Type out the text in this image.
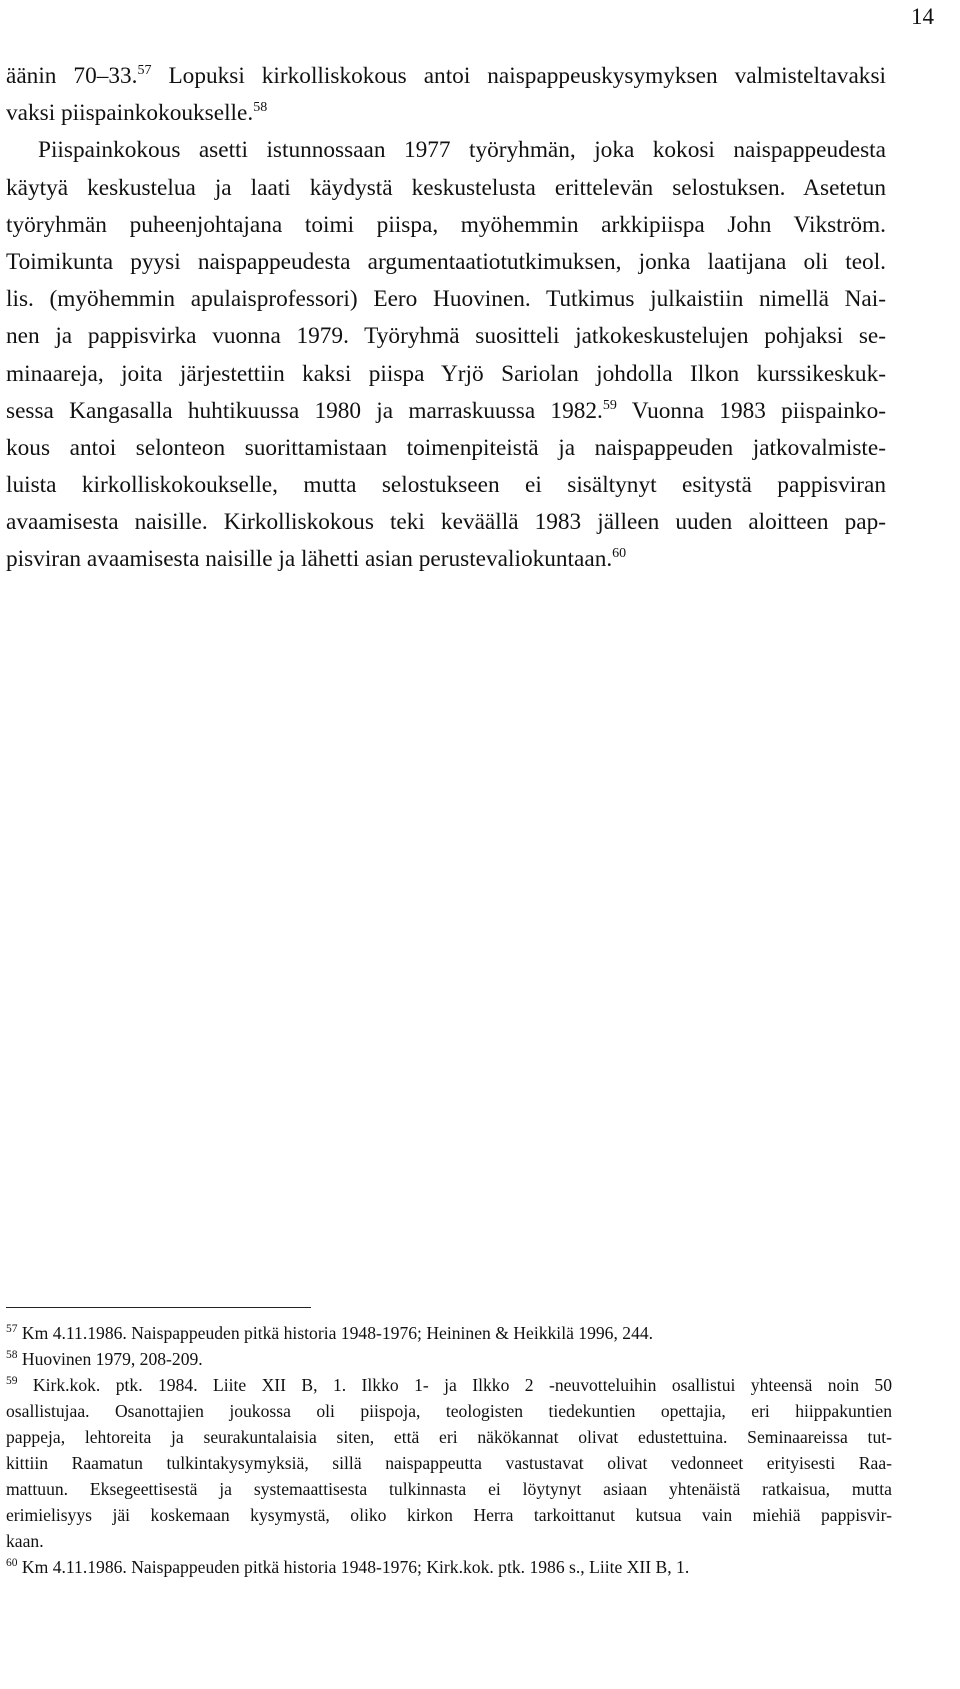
14
äänin 70–33.57 Lopuksi kirkolliskokous antoi naispappeuskysymyksen valmisteltavaksi
vaksi piispainkokoukselle.$^{58}$
Piispainkokous asetti istunnossaan 1977 työryhmän, joka kokosi naispappeudesta
käytyä keskustelua ja laati käydystä keskustelusta erittelevän selostuksen. Asetetun
työryhmän puheenjohtajana toimi piispa, myöhemmin arkkipiispa John Vikström.
Toimikunta pyysi naispappeudesta argumentaatiotutkimuksen, jonka laatijana oli teol.
lis. (myöhemmin apulaisprofessori) Eero Huovinen. Tutkimus julkaistiin nimellä Nai-
nen ja pappisvirka vuonna 1979. Työryhmä suositteli jatkokeskustelujen pohjaksi se-
minaareja, joita järjestettiin kaksi piispa Yrjö Sariolan johdolla Ilkon kurssikeskuk-
sessa Kangasalla huhtikuussa 1980 ja marraskuussa 1982.59 Vuonna 1983 piispainko-
kous antoi selonteon suorittamistaan toimenpiteistä ja naispappeuden jatkovalmiste-
luista kirkolliskokoukselle, mutta selostukseen ei sisältynyt esitystä pappisviran
avaamisesta naisille. Kirkolliskokous teki keväällä 1983 jälleen uuden aloitteen pap-
pisviran avaamisesta naisille ja lähetti asian perustevaliokuntaan.$^{60}$
$^{57}$ Km 4.11.1986. Naispappeuden pitkä historia 1948-1976; Heininen & Heikkilä 1996, 244.
$^{58}$ Huovinen 1979, 208-209.
$^{59}$ Kirk.kok. ptk. 1984. Liite XII B, 1. Ilkko 1- ja Ilkko 2 -neuvotteluihin osallistui yhteensä noin 50
osallistujaa. Osanottajien joukossa oli piispoja, teologisten tiedekuntien opettajia, eri hiippakuntien
pappeja, lehtoreita ja seurakuntalaisia siten, että eri näkökannat olivat edustettuina. Seminaareissa tut-
kittiin Raamatun tulkintakysymyksiä, sillä naispappeutta vastustavat olivat vedonneet erityisesti Raa-
mattuun. Eksegeettisestä ja systemaattisesta tulkinnasta ei löytynyt asiaan yhtenäistä ratkaisua, mutta
erimielisyys jäi koskemaan kysymystä, oliko kirkon Herra tarkoittanut kutsua vain miehiä pappisvir-
kaan.
$^{60}$ Km 4.11.1986. Naispappeuden pitkä historia 1948-1976; Kirk.kok. ptk. 1986 s., Liite XII B, 1.
